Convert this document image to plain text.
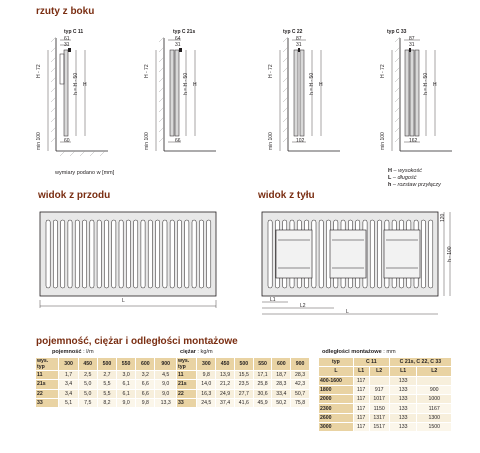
rzuty z boku
widok z przodu	widok z tyłu
pojemność, ciężar i odległości montażowe
typ C 11	typ C 21s	typ C 22	typ C 33
61
31
60
64
31
66
87
31
102
87
31
162
H - 72
min 100
h = H - 50 H
H - 72
min 100
h = H - 50 H
H - 72
min 100
h = H - 50 H
H - 72
min 100
h = H - 50 H
wymiary podano w [mm]	H – wysokość
L – długość
h – rozstaw przyłączy
L	L1
L2
L
120
h - 100
pojemność : l/m
wys.
typ	300	450	500	550	600	900
11	1,7	2,5	2,7	3,0	3,2	4,5
21s	3,4	5,0	5,5	6,1	6,6	9,0
22	3,4	5,0	5,5	6,1	6,6	9,0
33	5,1	7,5	8,2	9,0	9,8	13,3
ciężar : kg/m
wys.
typ	300	450	500	550	600	900
11	9,8	13,9	15,5	17,1	18,7	28,3
21s	14,0	21,2	23,5	25,8	28,3	42,3
22	16,3	24,9	27,7	30,6	33,4	50,7
33	24,5	37,4	41,6	45,9	50,2	75,8
odległości montażowe : mm
typ	C 11		C 21s, C 22, C 33	
L	L1	L2	L1	L2
400-1600	117		133	
1800	117	917	133	900
2000	117	1017	133	1000
2300	117	1150	133	1167
2600	117	1317	133	1300
3000	117	1517	133	1500
